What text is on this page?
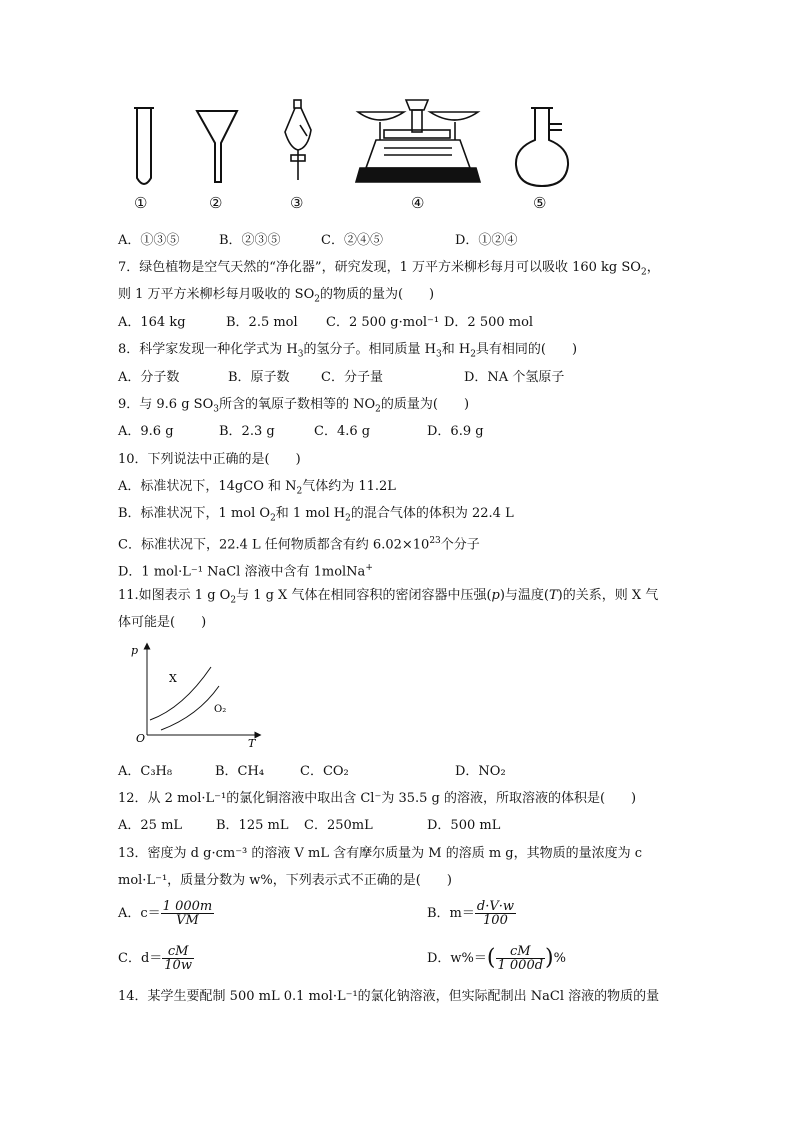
①	②	③	④	⑤
A．①③⑤	B．②③⑤	C．②④⑤	D．①②④
7．绿色植物是空气天然的“净化器”，研究发现，1 万平方米柳杉每月可以吸收 160 kg $SO_2$，
则 1 万平方米柳杉每月吸收的 $SO_2$的物质的量为(　　)
A．164 kg	B．2.5 mol C．2 500 g·mol⁻¹ D．2 500 mol
8．科学家发现一种化学式为 $H_3$的氢分子。相同质量 $H_3$和 $H_2$具有相同的(　　)
A．分子数	B．原子数 C．分子量	D．NA 个氢原子
9．与 9.6 g $SO_3$所含的氧原子数相等的 $NO_2$的质量为(　　)
A．9.6 g	B．2.3 g	C．4.6 g	D．6.9 g
10．下列说法中正确的是(　　)
A．标准状况下，14gCO 和 $N_2$气体约为 11.2L
B．标准状况下，1 mol $O_2$和 1 mol $H_2$的混合气体的体积为 22.4 L
C．标准状况下，22.4 L 任何物质都含有约 $6.02\times 10^{23}$个分子
D．1 mol·L⁻¹ NaCl 溶液中含有 1molNa+
11.如图表示 1 g $O_2$与 1 g X 气体在相同容积的密闭容器中压强(p)与温度(T)的关系，则 X 气
体可能是(　　)
p
T
O
X
O₂
A．C₃H₈	B．CH₄	C．CO₂	D．NO₂
12．从 2 mol·L⁻¹的氯化铜溶液中取出含 Cl⁻为 35.5 g 的溶液，所取溶液的体积是(　　)
A．25 mL	B．125 mL C．250mL	D．500 mL
13．密度为 d g·cm⁻³ 的溶液 V mL 含有摩尔质量为 M 的溶质 m g，其物质的量浓度为 c
mol·L⁻¹，质量分数为 w%，下列表示式不正确的是(　　)
A．$c= \frac{1 000m}{VM}$	B．$m= \frac{d\cdot V\cdot w}{100}$
C．$d= \frac{cM}{10w}$	D．$w\%=( \frac{cM}{1 000d}$ )%
14．某学生要配制 500 mL 0.1 mol·L⁻¹的氯化钠溶液，但实际配制出 NaCl 溶液的物质的量
